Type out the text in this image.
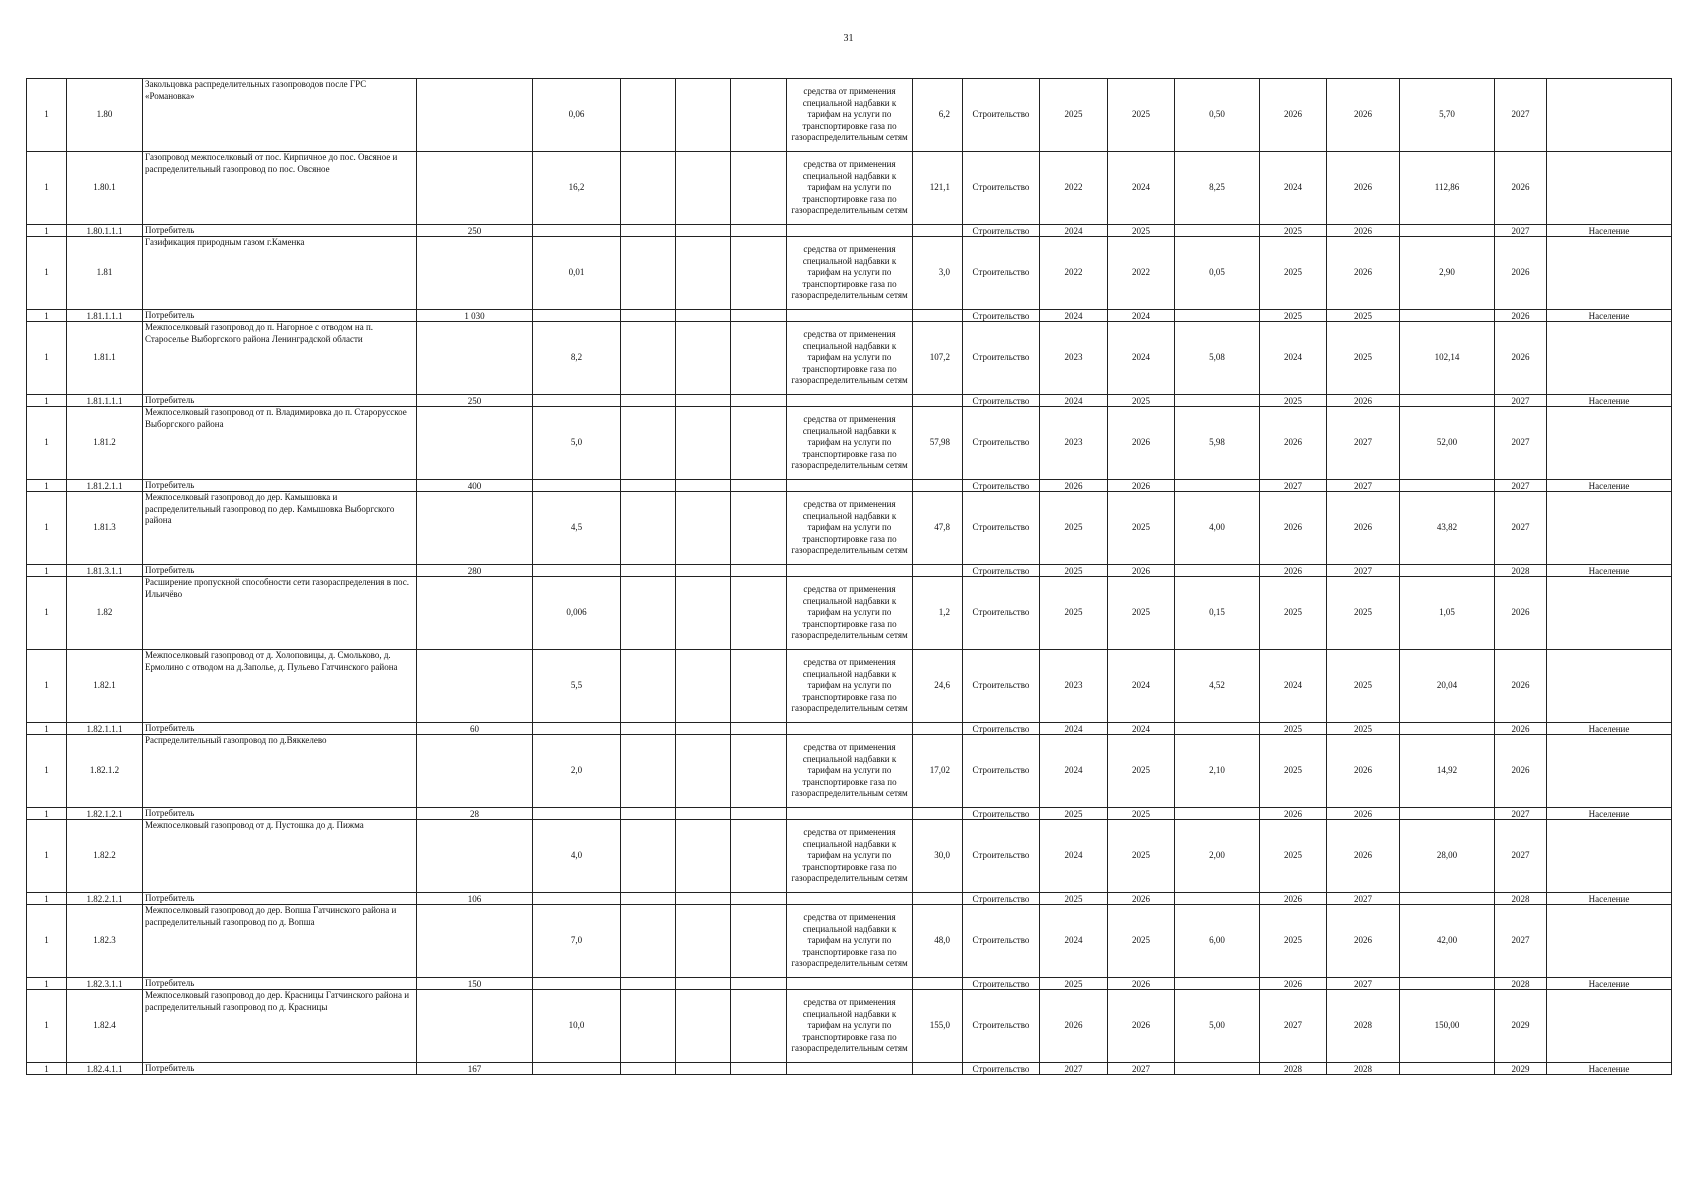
31
1	1.80	Закольцовка распределительных газопроводов после ГРС «Романовка»		0,06				средства от применения специальной надбавки к тарифам на услуги по транспортировке газа по газораспределительным сетям	6,2	Строительство	2025	2025	0,50	2026	2026	5,70	2027	
1	1.80.1	Газопровод межпоселковый от пос. Кирпичное до пос. Овсяное и распределительный газопровод по пос. Овсяное		16,2				средства от применения специальной надбавки к тарифам на услуги по транспортировке газа по газораспределительным сетям	121,1	Строительство	2022	2024	8,25	2024	2026	112,86	2026	
1	1.80.1.1.1	Потребитель	250							Строительство	2024	2025		2025	2026		2027	Население
1	1.81	Газификация природным газом г.Каменка		0,01				средства от применения специальной надбавки к тарифам на услуги по транспортировке газа по газораспределительным сетям	3,0	Строительство	2022	2022	0,05	2025	2026	2,90	2026	
1	1.81.1.1.1	Потребитель	1 030							Строительство	2024	2024		2025	2025		2026	Население
1	1.81.1	Межпоселковый газопровод до п. Нагорное с отводом на п. Староселье Выборгского района Ленинградской области		8,2				средства от применения специальной надбавки к тарифам на услуги по транспортировке газа по газораспределительным сетям	107,2	Строительство	2023	2024	5,08	2024	2025	102,14	2026	
1	1.81.1.1.1	Потребитель	250							Строительство	2024	2025		2025	2026		2027	Население
1	1.81.2	Межпоселковый газопровод от п. Владимировка до п. Старорусское Выборгского района		5,0				средства от применения специальной надбавки к тарифам на услуги по транспортировке газа по газораспределительным сетям	57,98	Строительство	2023	2026	5,98	2026	2027	52,00	2027	
1	1.81.2.1.1	Потребитель	400							Строительство	2026	2026		2027	2027		2027	Население
1	1.81.3	Межпоселковый газопровод до дер. Камышовка и распределительный газопровод по дер. Камышовка Выборгского района		4,5				средства от применения специальной надбавки к тарифам на услуги по транспортировке газа по газораспределительным сетям	47,8	Строительство	2025	2025	4,00	2026	2026	43,82	2027	
1	1.81.3.1.1	Потребитель	280							Строительство	2025	2026		2026	2027		2028	Население
1	1.82	Расширение пропускной способности сети газораспределения в пос. Ильичёво		0,006				средства от применения специальной надбавки к тарифам на услуги по транспортировке газа по газораспределительным сетям	1,2	Строительство	2025	2025	0,15	2025	2025	1,05	2026	
1	1.82.1	Межпоселковый газопровод от д. Холоповицы, д. Смольково, д. Ермолино с отводом на д.Заполье, д. Пульево Гатчинского района		5,5				средства от применения специальной надбавки к тарифам на услуги по транспортировке газа по газораспределительным сетям	24,6	Строительство	2023	2024	4,52	2024	2025	20,04	2026	
1	1.82.1.1.1	Потребитель	60							Строительство	2024	2024		2025	2025		2026	Население
1	1.82.1.2	Распределительный газопровод по д.Вяккелево		2,0				средства от применения специальной надбавки к тарифам на услуги по транспортировке газа по газораспределительным сетям	17,02	Строительство	2024	2025	2,10	2025	2026	14,92	2026	
1	1.82.1.2.1	Потребитель	28							Строительство	2025	2025		2026	2026		2027	Население
1	1.82.2	Межпоселковый газопровод от д. Пустошка до д. Пижма		4,0				средства от применения специальной надбавки к тарифам на услуги по транспортировке газа по газораспределительным сетям	30,0	Строительство	2024	2025	2,00	2025	2026	28,00	2027	
1	1.82.2.1.1	Потребитель	106							Строительство	2025	2026		2026	2027		2028	Население
1	1.82.3	Межпоселковый газопровод до дер. Вопша Гатчинского района и распределительный газопровод по д. Вопша		7,0				средства от применения специальной надбавки к тарифам на услуги по транспортировке газа по газораспределительным сетям	48,0	Строительство	2024	2025	6,00	2025	2026	42,00	2027	
1	1.82.3.1.1	Потребитель	150							Строительство	2025	2026		2026	2027		2028	Население
1	1.82.4	Межпоселковый газопровод до дер. Красницы Гатчинского района и распределительный газопровод по д. Красницы		10,0				средства от применения специальной надбавки к тарифам на услуги по транспортировке газа по газораспределительным сетям	155,0	Строительство	2026	2026	5,00	2027	2028	150,00	2029	
1	1.82.4.1.1	Потребитель	167							Строительство	2027	2027		2028	2028		2029	Население
